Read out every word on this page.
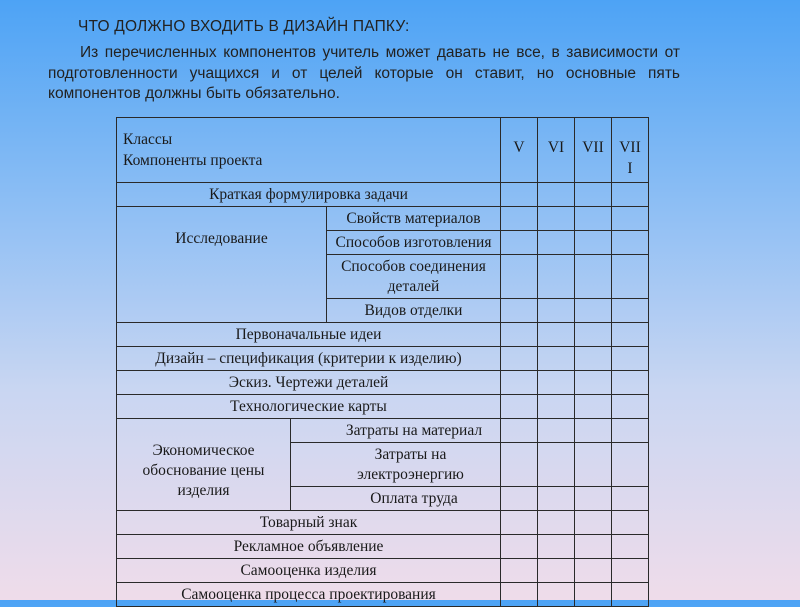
ЧТО ДОЛЖНО ВХОДИТЬ В ДИЗАЙН ПАПКУ:

Из перечисленных компонентов учитель может давать не все, в зависимости от подготовленности учащихся и от целей которые он ставит, но основные пять компонентов должны быть обязательно.

Классы
Компоненты проекта			V	VI	VII	VII I
Краткая формулировка задачи						
Исследование		Свойств материалов				
		Способов изготовления				
		Способов соединения деталей				
		Видов отделки				
Первоначальные идеи						
Дизайн – спецификация (критерии к изделию)						
Эскиз. Чертежи деталей						
Технологические карты						
Экономическое обоснование цены изделия	Затраты на материал					
	Затраты на электроэнергию					
	Оплата труда					
Товарный знак						
Рекламное объявление						
Самооценка изделия						
Самооценка процесса проектирования						
